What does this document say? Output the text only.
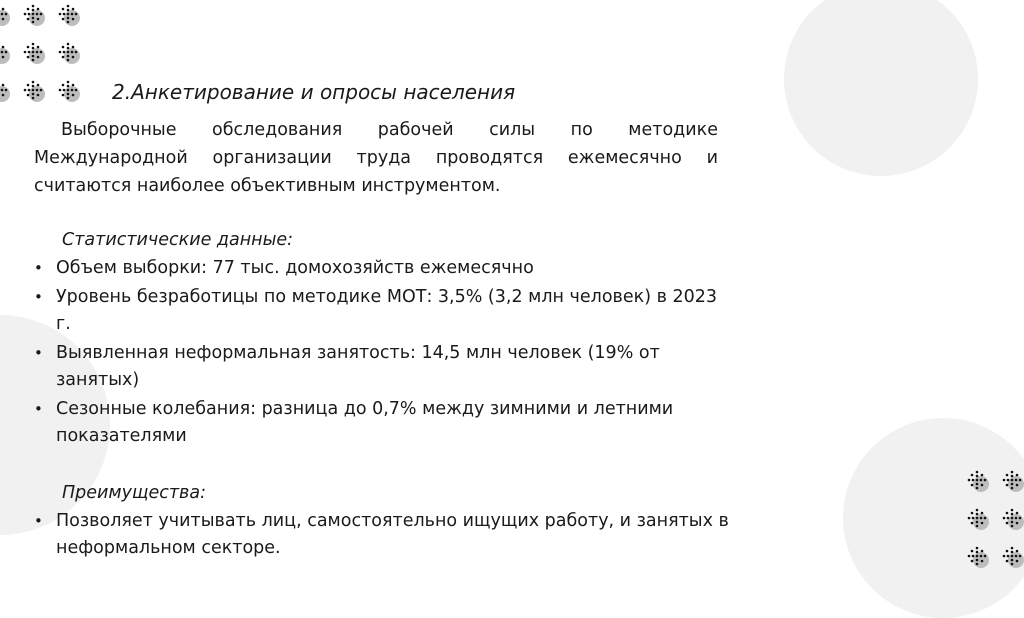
2.Анкетирование и опросы населения

Выборочные обследования рабочей силы по методике Международной организации труда проводятся ежемесячно и считаются наиболее объективным инструментом.

Статистические данные:
• Объем выборки: 77 тыс. домохозяйств ежемесячно
• Уровень безработицы по методике МОТ: 3,5% (3,2 млн человек) в 2023 г.
• Выявленная неформальная занятость: 14,5 млн человек (19% от занятых)
• Сезонные колебания: разница до 0,7% между зимними и летними показателями
Преимущества:
• Позволяет учитывать лиц, самостоятельно ищущих работу, и занятых в неформальном секторе.
